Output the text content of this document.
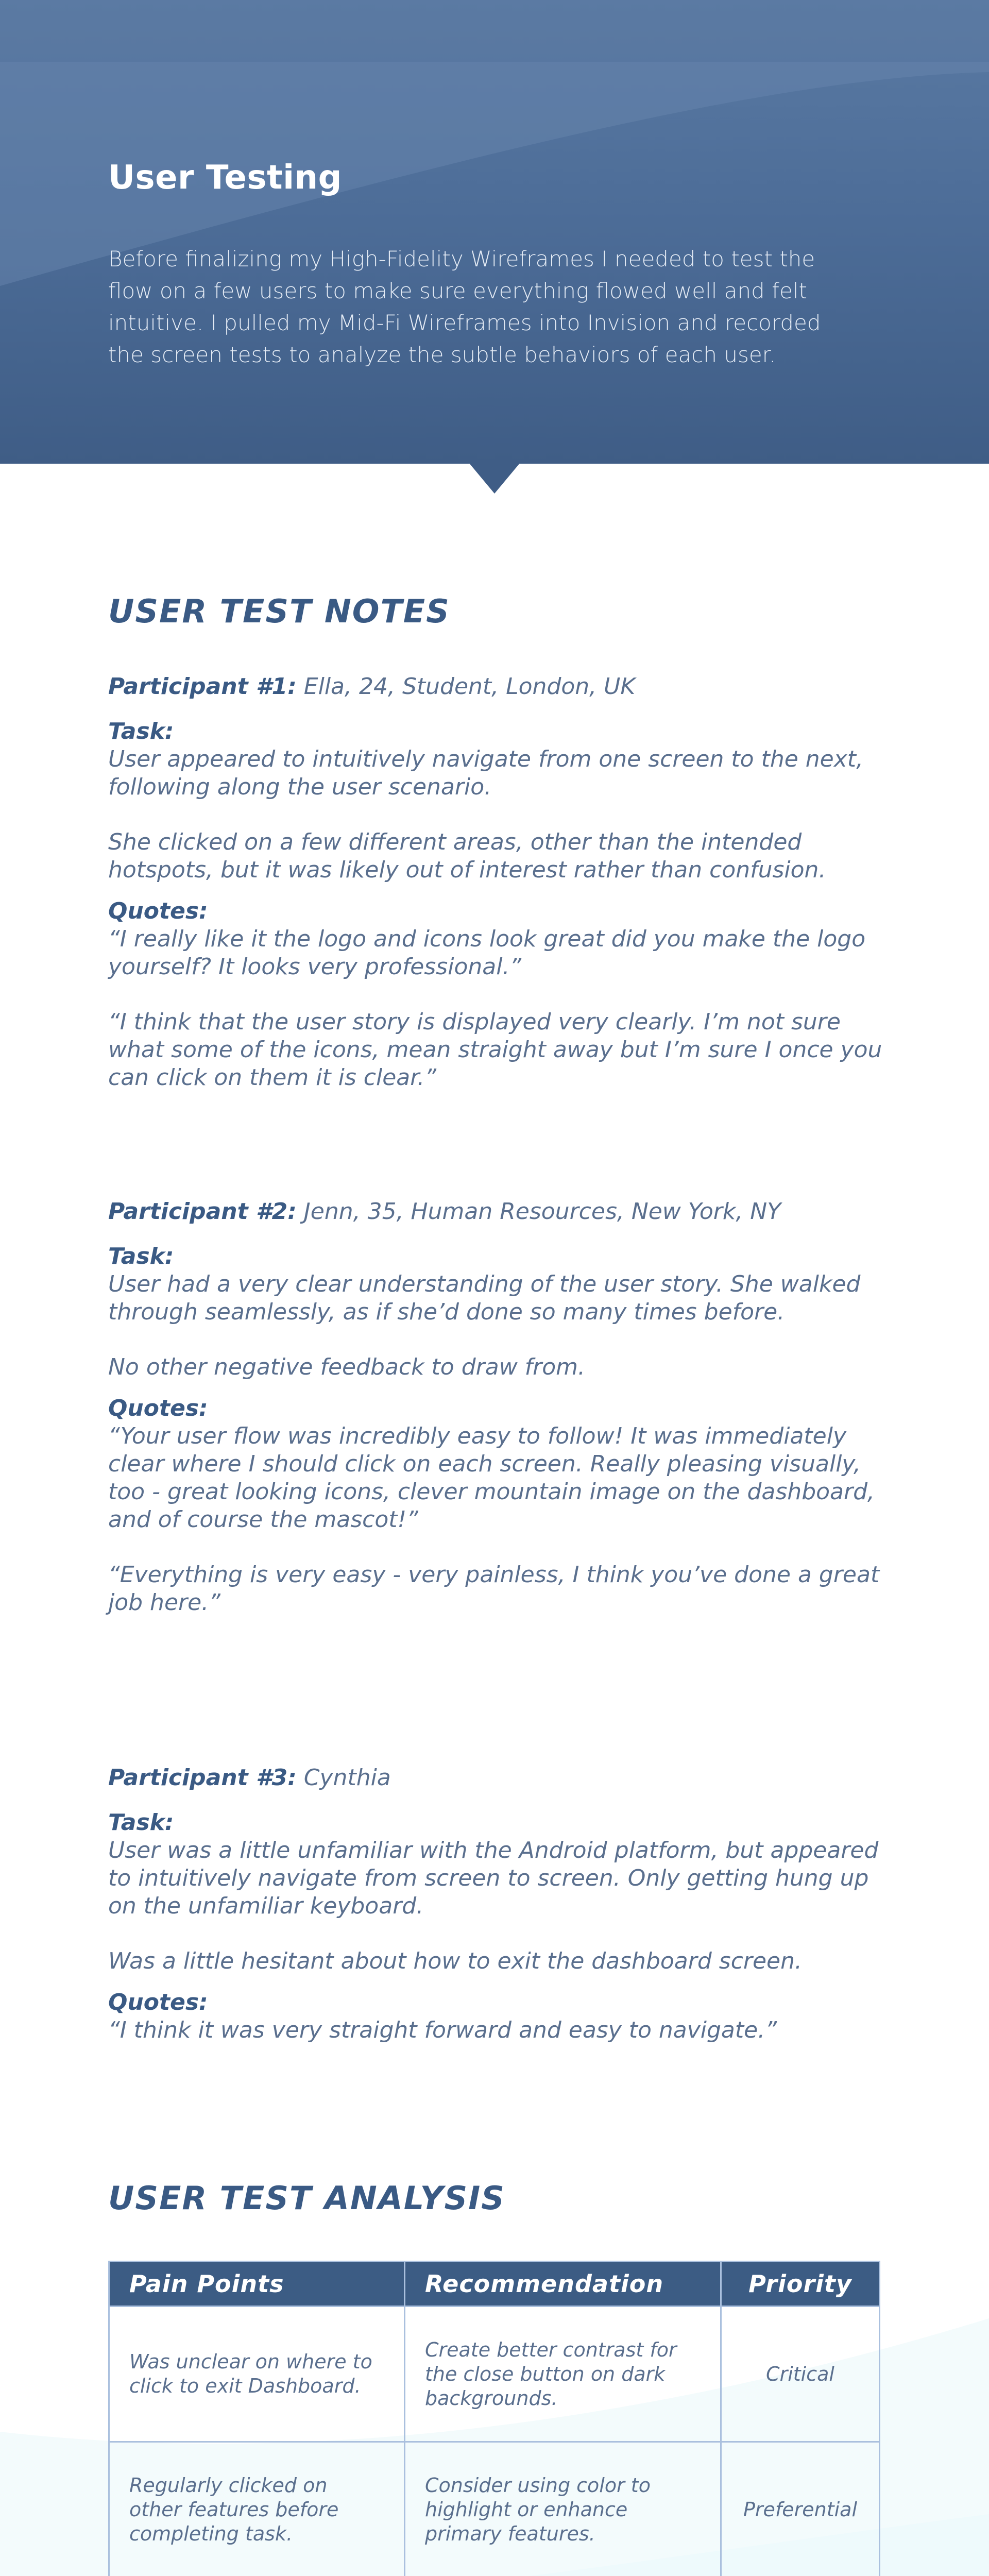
User Testing

Before finalizing my High-Fidelity Wireframes I needed to test the flow on a few users to make sure everything flowed well and felt intuitive. I pulled my Mid-Fi Wireframes into Invision and recorded the screen tests to analyze the subtle behaviors of each user.

USER TEST NOTES

Participant #1: Ella, 24, Student, London, UK

Task:

User appeared to intuitively navigate from one screen to the next, following along the user scenario.

She clicked on a few different areas, other than the intended hotspots, but it was likely out of interest rather than confusion.

Quotes:

“I really like it the logo and icons look great did you make the logo yourself? It looks very professional.”

“I think that the user story is displayed very clearly. I’m not sure what some of the icons, mean straight away but I’m sure I once you can click on them it is clear.”

Participant #2: Jenn, 35, Human Resources, New York, NY

Task:

User had a very clear understanding of the user story. She walked through seamlessly, as if she’d done so many times before.

No other negative feedback to draw from.

Quotes:

“Your user flow was incredibly easy to follow! It was immediately clear where I should click on each screen. Really pleasing visually, too - great looking icons, clever mountain image on the dashboard, and of course the mascot!”

“Everything is very easy - very painless, I think you’ve done a great job here.”

Participant #3: Cynthia

Task:

User was a little unfamiliar with the Android platform, but appeared to intuitively navigate from screen to screen. Only getting hung up on the unfamiliar keyboard.

Was a little hesitant about how to exit the dashboard screen.

Quotes:

“I think it was very straight forward and easy to navigate.”

USER TEST ANALYSIS
Pain Points	Recommendation	Priority
Was unclear on where to click to exit Dashboard.	Create better contrast for the close button on dark backgrounds.	Critical
Regularly clicked on other features before completing task.	Consider using color to highlight or enhance primary features.	Preferential
